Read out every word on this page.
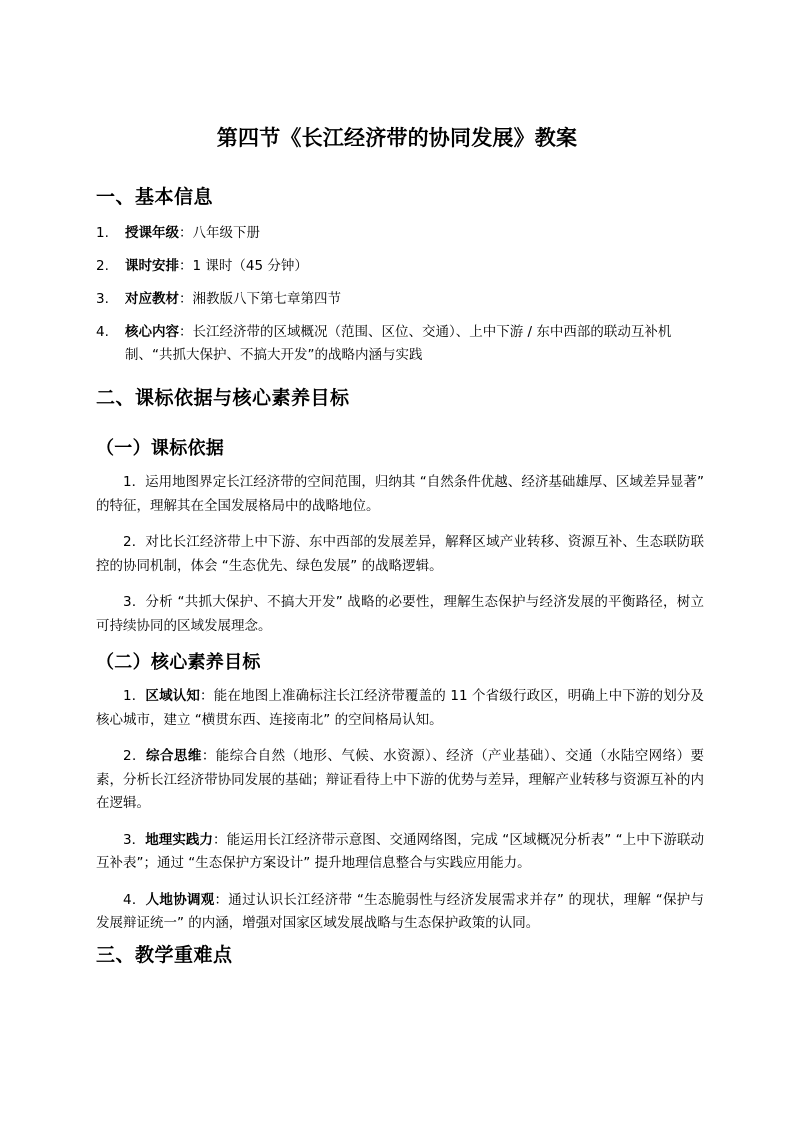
第四节《长江经济带的协同发展》教案
一、基本信息
1. 授课年级：八年级下册
2. 课时安排：1 课时（45 分钟）
3. 对应教材：湘教版八下第七章第四节
4. 核心内容：长江经济带的区域概况（范围、区位、交通）、上中下游 / 东中西部的联动互补机制、“共抓大保护、不搞大开发”的战略内涵与实践
二、课标依据与核心素养目标
（一）课标依据

1．运用地图界定长江经济带的空间范围，归纳其 “自然条件优越、经济基础雄厚、区域差异显著” 的特征，理解其在全国发展格局中的战略地位。

2．对比长江经济带上中下游、东中西部的发展差异，解释区域产业转移、资源互补、生态联防联控的协同机制，体会 “生态优先、绿色发展” 的战略逻辑。

3．分析 “共抓大保护、不搞大开发” 战略的必要性，理解生态保护与经济发展的平衡路径，树立可持续协同的区域发展理念。

（二）核心素养目标

1．区域认知：能在地图上准确标注长江经济带覆盖的 11 个省级行政区，明确上中下游的划分及核心城市，建立 “横贯东西、连接南北” 的空间格局认知。

2．综合思维：能综合自然（地形、气候、水资源）、经济（产业基础）、交通（水陆空网络）要素，分析长江经济带协同发展的基础；辩证看待上中下游的优势与差异，理解产业转移与资源互补的内在逻辑。

3．地理实践力：能运用长江经济带示意图、交通网络图，完成 “区域概况分析表” “上中下游联动互补表”；通过 “生态保护方案设计” 提升地理信息整合与实践应用能力。

4．人地协调观：通过认识长江经济带 “生态脆弱性与经济发展需求并存” 的现状，理解 “保护与发展辩证统一” 的内涵，增强对国家区域发展战略与生态保护政策的认同。

三、教学重难点
